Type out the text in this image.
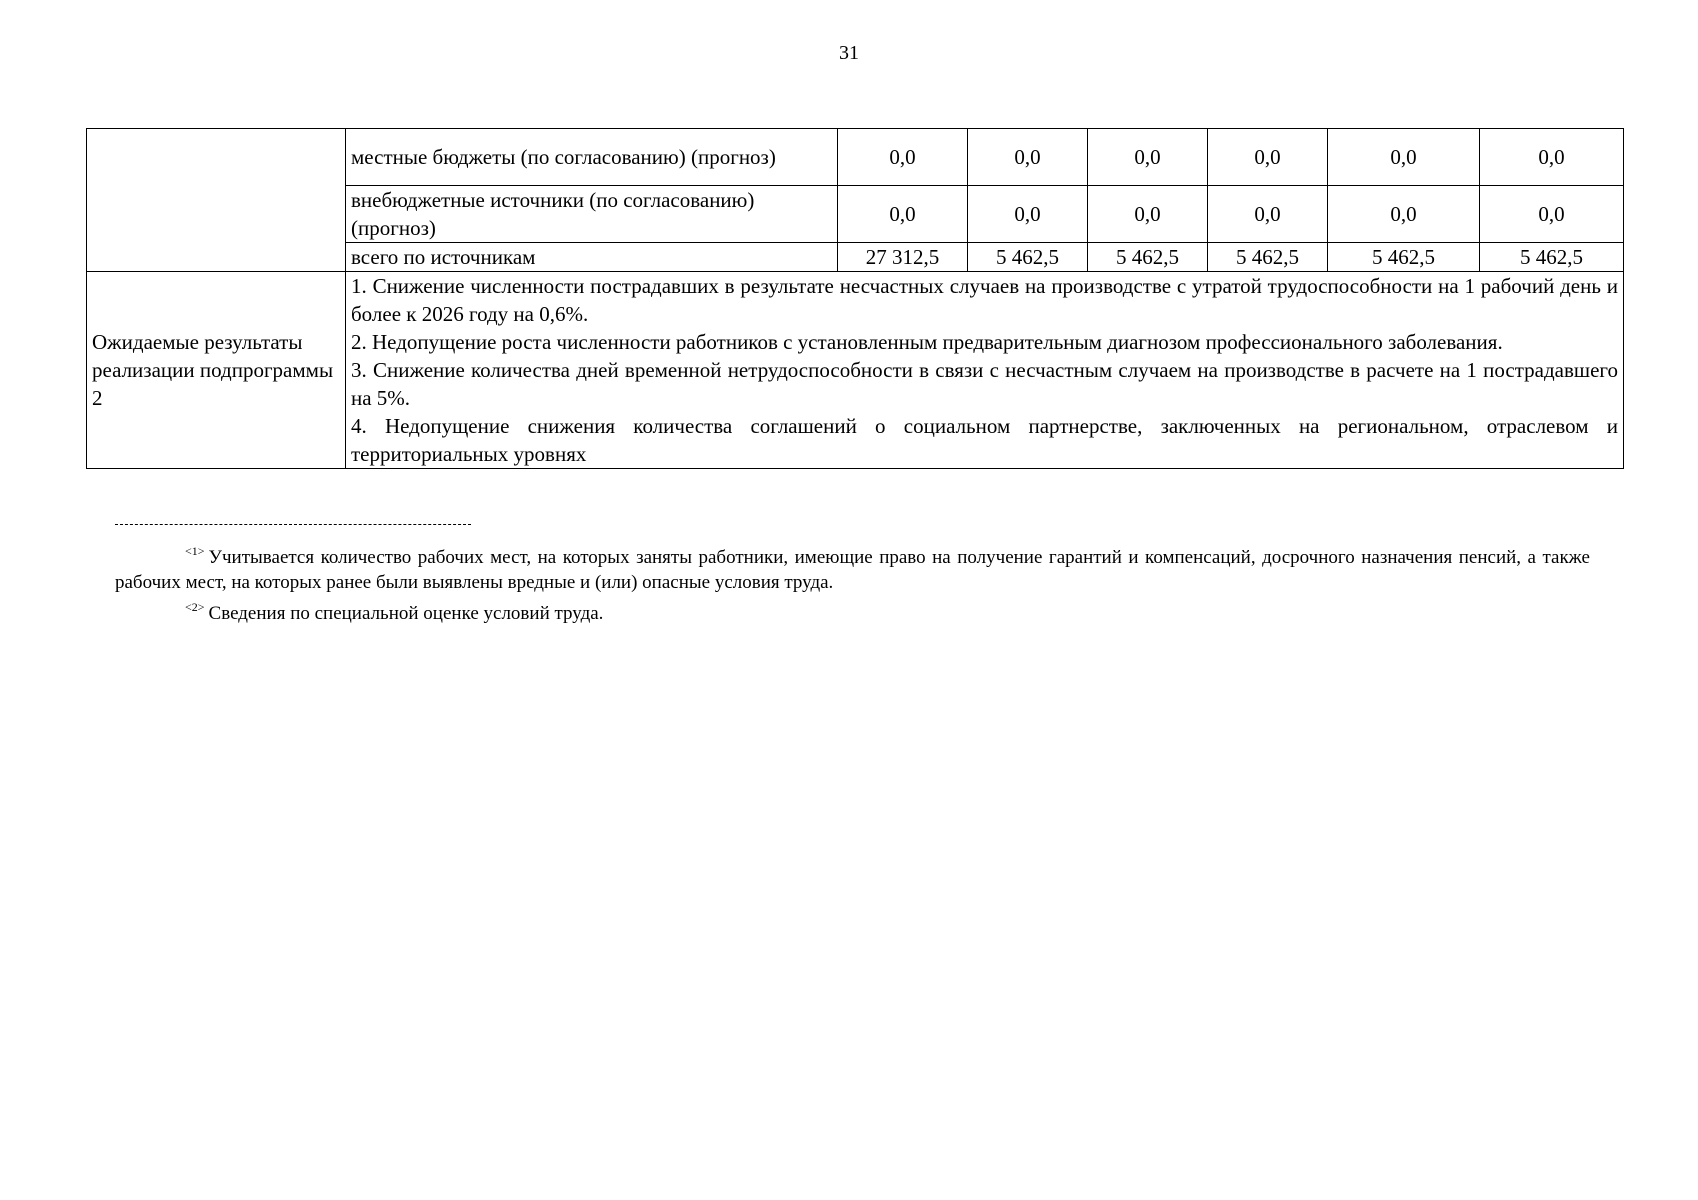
31
	местные бюджеты (по согласованию) (прогноз)	0,0	0,0	0,0	0,0	0,0	0,0
	внебюджетные источники (по согласованию) (прогноз)	0,0	0,0	0,0	0,0	0,0	0,0
	всего по источникам	27 312,5	5 462,5	5 462,5	5 462,5	5 462,5	5 462,5
Ожидаемые результаты реализации подпрограммы 2	1. Снижение численности пострадавших в результате несчастных случаев на производстве с утратой трудоспособности на 1 рабочий день и более к 2026 году на 0,6%.
2. Недопущение роста численности работников с установленным предварительным диагнозом профессионального заболевания.
3. Снижение количества дней временной нетрудоспособности в связи с несчастным случаем на производстве в расчете на 1 пострадавшего на 5%.
4. Недопущение снижения количества соглашений о социальном партнерстве, заключенных на региональном, отраслевом и территориальных уровнях						
$^{<1>}$ Учитывается количество рабочих мест, на которых заняты работники, имеющие право на получение гарантий и компенсаций, досрочного назначения пенсий, а также рабочих мест, на которых ранее были выявлены вредные и (или) опасные условия труда.
$^{<2>}$ Сведения по специальной оценке условий труда.
